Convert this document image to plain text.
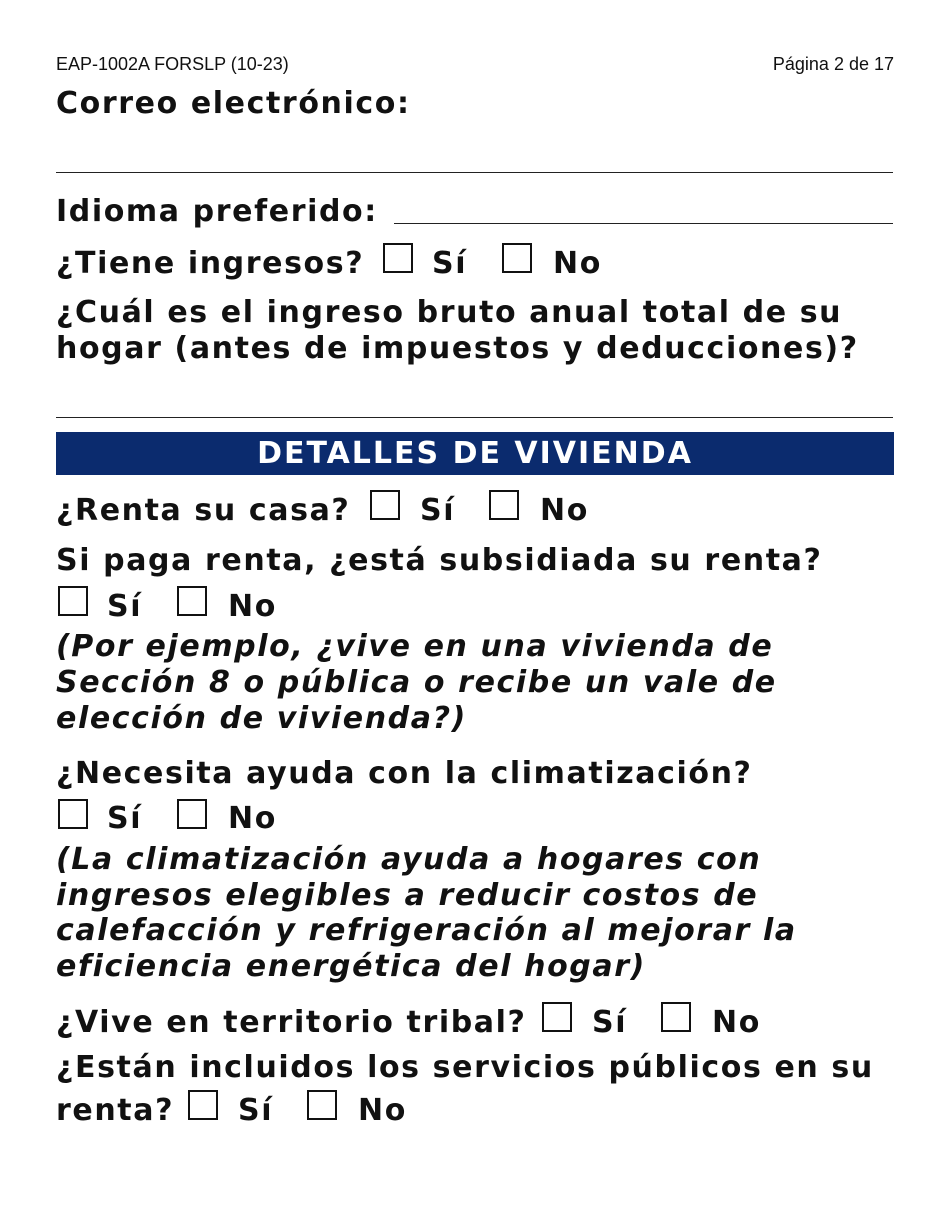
EAP-1002A FORSLP (10-23)	Página 2 de 17
Correo electrónico:
Idioma preferido:
¿Tiene ingresos? Sí	No
¿Cuál es el ingreso bruto anual total de su
hogar (antes de impuestos y deducciones)?
DETALLES DE VIVIENDA
¿Renta su casa? Sí	No
Si paga renta, ¿está subsidiada su renta?
Sí	No
(Por ejemplo, ¿vive en una vivienda de
Sección 8 o pública o recibe un vale de
elección de vivienda?)
¿Necesita ayuda con la climatización?
Sí	No
(La climatización ayuda a hogares con
ingresos elegibles a reducir costos de
calefacción y refrigeración al mejorar la
eficiencia energética del hogar)
¿Vive en territorio tribal? Sí	No
¿Están incluidos los servicios públicos en su
renta? Sí	No
